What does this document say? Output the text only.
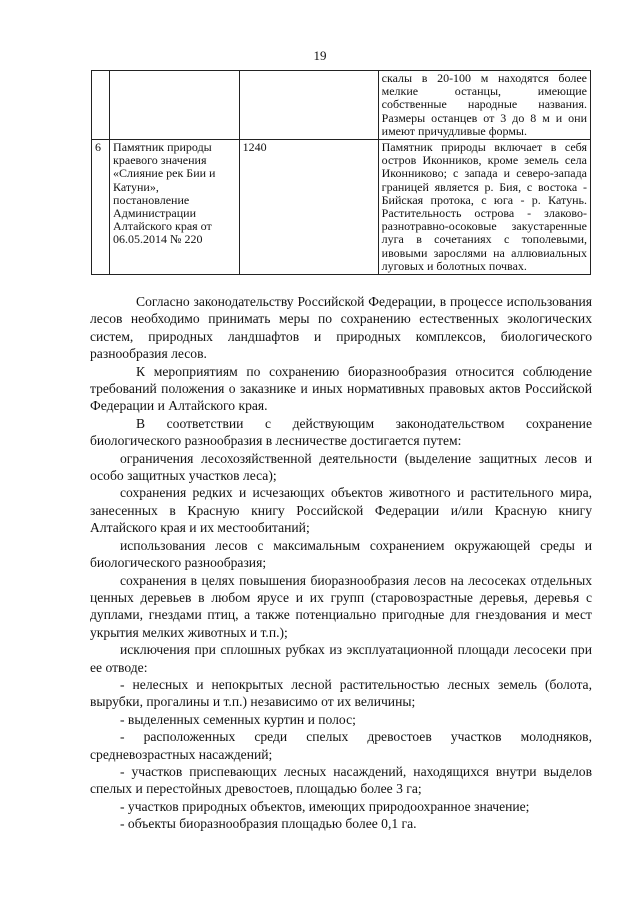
19
			скалы в 20-100 м находятся более мелкие останцы, имеющие собственные народные названия. Размеры останцев от 3 до 8 м и они имеют причудливые формы.
6	Памятник природы краевого значения «Слияние рек Бии и Катуни», постановление Администрации Алтайского края от 06.05.2014 № 220	1240	Памятник природы включает в себя остров Иконников, кроме земель села Иконниково; с запада и северо-запада границей является р. Бия, с востока - Бийская протока, с юга - р. Катунь. Растительность острова - злаково-разнотравно-осоковые закустаренные луга в сочетаниях с тополевыми, ивовыми зарослями на аллювиальных луговых и болотных почвах.

Согласно законодательству Российской Федерации, в процессе использования лесов необходимо принимать меры по сохранению естественных экологических систем, природных ландшафтов и природных комплексов, биологического разнообразия лесов.

К мероприятиям по сохранению биоразнообразия относится соблюдение требований положения о заказнике и иных нормативных правовых актов Российской Федерации и Алтайского края.

В соответствии с действующим законодательством сохранение биологического разнообразия в лесничестве достигается путем:

ограничения лесохозяйственной деятельности (выделение защитных лесов и особо защитных участков леса);

сохранения редких и исчезающих объектов животного и растительного мира, занесенных в Красную книгу Российской Федерации и/или Красную книгу Алтайского края и их местообитаний;

использования лесов с максимальным сохранением окружающей среды и биологического разнообразия;

сохранения в целях повышения биоразнообразия лесов на лесосеках отдельных ценных деревьев в любом ярусе и их групп (старовозрастные деревья, деревья с дуплами, гнездами птиц, а также потенциально пригодные для гнездования и мест укрытия мелких животных и т.п.);

исключения при сплошных рубках из эксплуатационной площади лесосеки при ее отводе:

- нелесных и непокрытых лесной растительностью лесных земель (болота, вырубки, прогалины и т.п.) независимо от их величины;

- выделенных семенных куртин и полос;

- расположенных среди спелых древостоев участков молодняков, средневозрастных насаждений;

- участков приспевающих лесных насаждений, находящихся внутри выделов спелых и перестойных древостоев, площадью более 3 га;

- участков природных объектов, имеющих природоохранное значение;

- объекты биоразнообразия площадью более 0,1 га.
